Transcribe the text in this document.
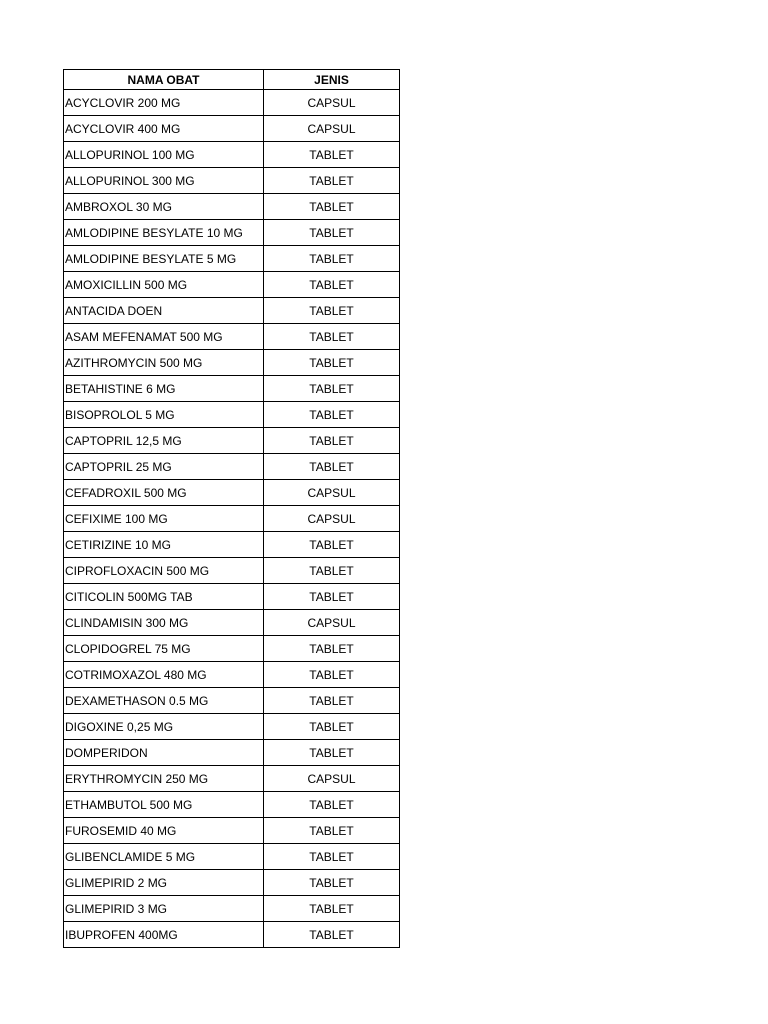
NAMA OBAT	JENIS
ACYCLOVIR 200 MG	CAPSUL
ACYCLOVIR 400 MG	CAPSUL
ALLOPURINOL 100 MG	TABLET
ALLOPURINOL 300 MG	TABLET
AMBROXOL 30 MG	TABLET
AMLODIPINE BESYLATE 10 MG	TABLET
AMLODIPINE BESYLATE 5 MG	TABLET
AMOXICILLIN 500 MG	TABLET
ANTACIDA DOEN	TABLET
ASAM MEFENAMAT 500 MG	TABLET
AZITHROMYCIN 500 MG	TABLET
BETAHISTINE 6 MG	TABLET
BISOPROLOL 5 MG	TABLET
CAPTOPRIL 12,5 MG	TABLET
CAPTOPRIL 25 MG	TABLET
CEFADROXIL 500 MG	CAPSUL
CEFIXIME 100 MG	CAPSUL
CETIRIZINE 10 MG	TABLET
CIPROFLOXACIN 500 MG	TABLET
CITICOLIN 500MG TAB	TABLET
CLINDAMISIN 300 MG	CAPSUL
CLOPIDOGREL 75 MG	TABLET
COTRIMOXAZOL 480 MG	TABLET
DEXAMETHASON 0.5 MG	TABLET
DIGOXINE 0,25 MG	TABLET
DOMPERIDON	TABLET
ERYTHROMYCIN 250 MG	CAPSUL
ETHAMBUTOL 500 MG	TABLET
FUROSEMID 40 MG	TABLET
GLIBENCLAMIDE 5 MG	TABLET
GLIMEPIRID 2 MG	TABLET
GLIMEPIRID 3 MG	TABLET
IBUPROFEN 400MG	TABLET
